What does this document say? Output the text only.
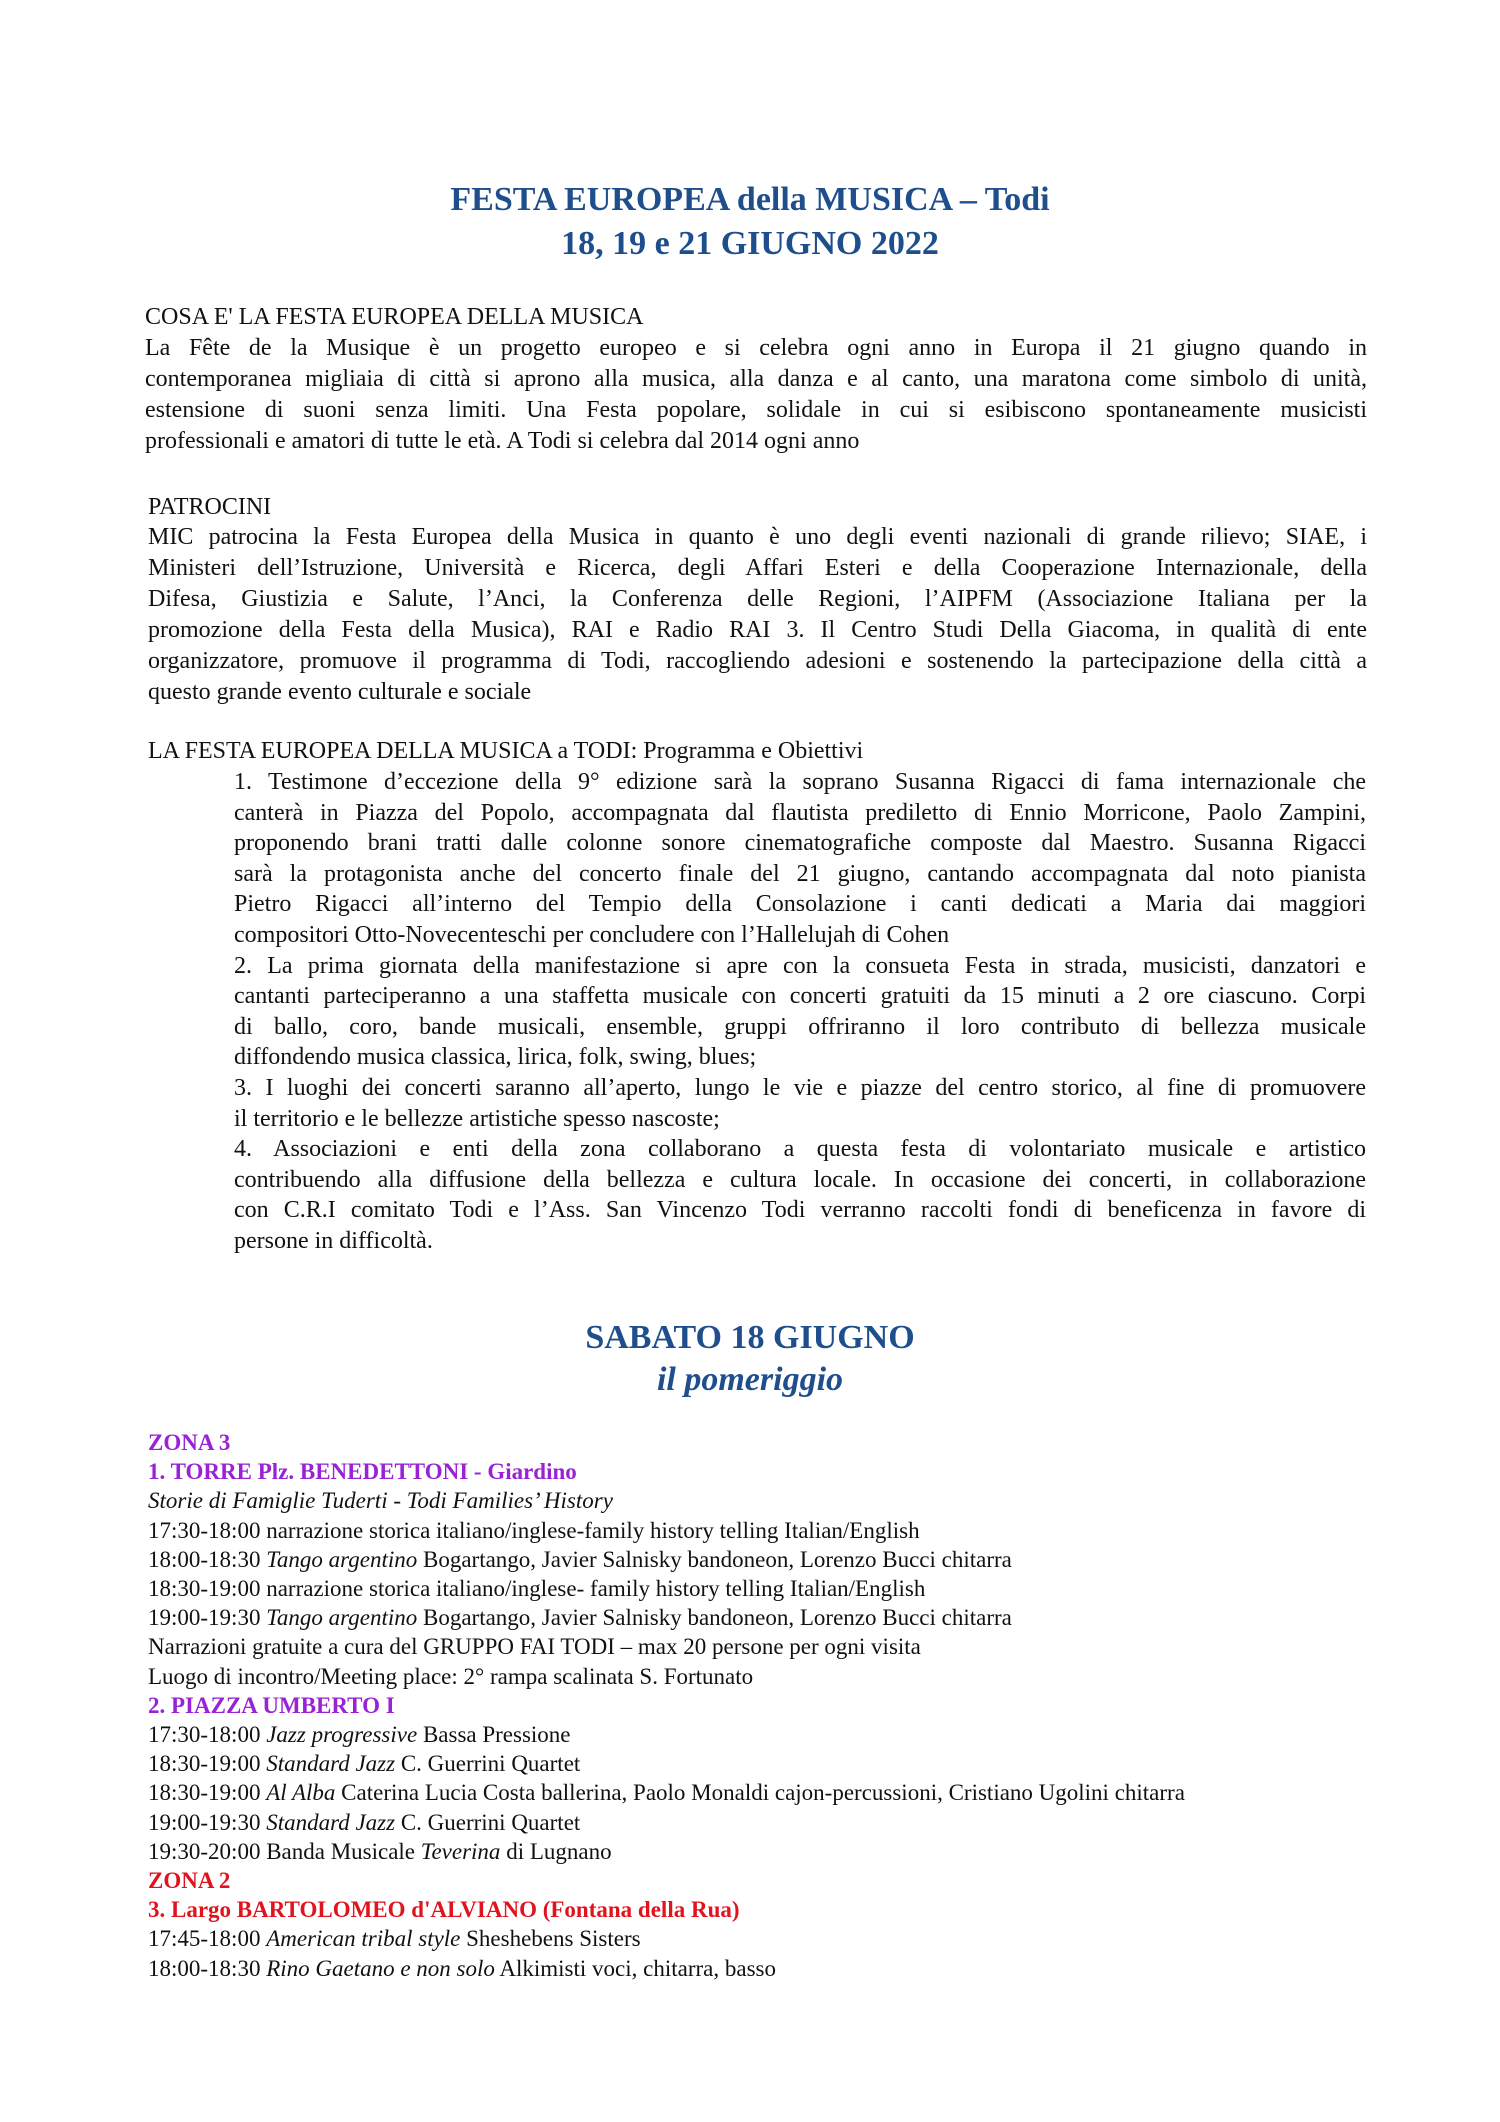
FESTA EUROPEA della MUSICA – Todi
18, 19 e 21 GIUGNO 2022
COSA E' LA FESTA EUROPEA DELLA MUSICA
La Fête de la Musique è un progetto europeo e si celebra ogni anno in Europa il 21 giugno quando in
contemporanea migliaia di città si aprono alla musica, alla danza e al canto, una maratona come simbolo di unità,
estensione di suoni senza limiti. Una Festa popolare, solidale in cui si esibiscono spontaneamente musicisti
professionali e amatori di tutte le età. A Todi si celebra dal 2014 ogni anno
PATROCINI
MIC patrocina la Festa Europea della Musica in quanto è uno degli eventi nazionali di grande rilievo; SIAE, i
Ministeri dell’Istruzione, Università e Ricerca, degli Affari Esteri e della Cooperazione Internazionale, della
Difesa, Giustizia e Salute, l’Anci, la Conferenza delle Regioni, l’AIPFM (Associazione Italiana per la
promozione della Festa della Musica), RAI e Radio RAI 3. Il Centro Studi Della Giacoma, in qualità di ente
organizzatore, promuove il programma di Todi, raccogliendo adesioni e sostenendo la partecipazione della città a
questo grande evento culturale e sociale
LA FESTA EUROPEA DELLA MUSICA a TODI: Programma e Obiettivi
1. Testimone d’eccezione della 9° edizione sarà la soprano Susanna Rigacci di fama internazionale che
canterà in Piazza del Popolo, accompagnata dal flautista prediletto di Ennio Morricone, Paolo Zampini,
proponendo brani tratti dalle colonne sonore cinematografiche composte dal Maestro. Susanna Rigacci
sarà la protagonista anche del concerto finale del 21 giugno, cantando accompagnata dal noto pianista
Pietro Rigacci all’interno del Tempio della Consolazione i canti dedicati a Maria dai maggiori
compositori Otto-Novecenteschi per concludere con l’Hallelujah di Cohen
2. La prima giornata della manifestazione si apre con la consueta Festa in strada, musicisti, danzatori e
cantanti parteciperanno a una staffetta musicale con concerti gratuiti da 15 minuti a 2 ore ciascuno. Corpi
di ballo, coro, bande musicali, ensemble, gruppi offriranno il loro contributo di bellezza musicale
diffondendo musica classica, lirica, folk, swing, blues;
3. I luoghi dei concerti saranno all’aperto, lungo le vie e piazze del centro storico, al fine di promuovere
il territorio e le bellezze artistiche spesso nascoste;
4. Associazioni e enti della zona collaborano a questa festa di volontariato musicale e artistico
contribuendo alla diffusione della bellezza e cultura locale. In occasione dei concerti, in collaborazione
con C.R.I comitato Todi e l’Ass. San Vincenzo Todi verranno raccolti fondi di beneficenza in favore di
persone in difficoltà.
SABATO 18 GIUGNO
il pomeriggio
ZONA 3
1. TORRE Plz. BENEDETTONI - Giardino
Storie di Famiglie Tuderti - Todi Families’ History
17:30-18:00 narrazione storica italiano/inglese-family history telling Italian/English
18:00-18:30 Tango argentino Bogartango, Javier Salnisky bandoneon, Lorenzo Bucci chitarra
18:30-19:00 narrazione storica italiano/inglese- family history telling Italian/English
19:00-19:30 Tango argentino Bogartango, Javier Salnisky bandoneon, Lorenzo Bucci chitarra
Narrazioni gratuite a cura del GRUPPO FAI TODI – max 20 persone per ogni visita
Luogo di incontro/Meeting place: 2° rampa scalinata S. Fortunato
2. PIAZZA UMBERTO I
17:30-18:00 Jazz progressive Bassa Pressione
18:30-19:00 Standard Jazz C. Guerrini Quartet
18:30-19:00 Al Alba Caterina Lucia Costa ballerina, Paolo Monaldi cajon-percussioni, Cristiano Ugolini chitarra
19:00-19:30 Standard Jazz C. Guerrini Quartet
19:30-20:00 Banda Musicale Teverina di Lugnano
ZONA 2
3. Largo BARTOLOMEO d'ALVIANO (Fontana della Rua)
17:45-18:00 American tribal style Sheshebens Sisters
18:00-18:30 Rino Gaetano e non solo Alkimisti voci, chitarra, basso
